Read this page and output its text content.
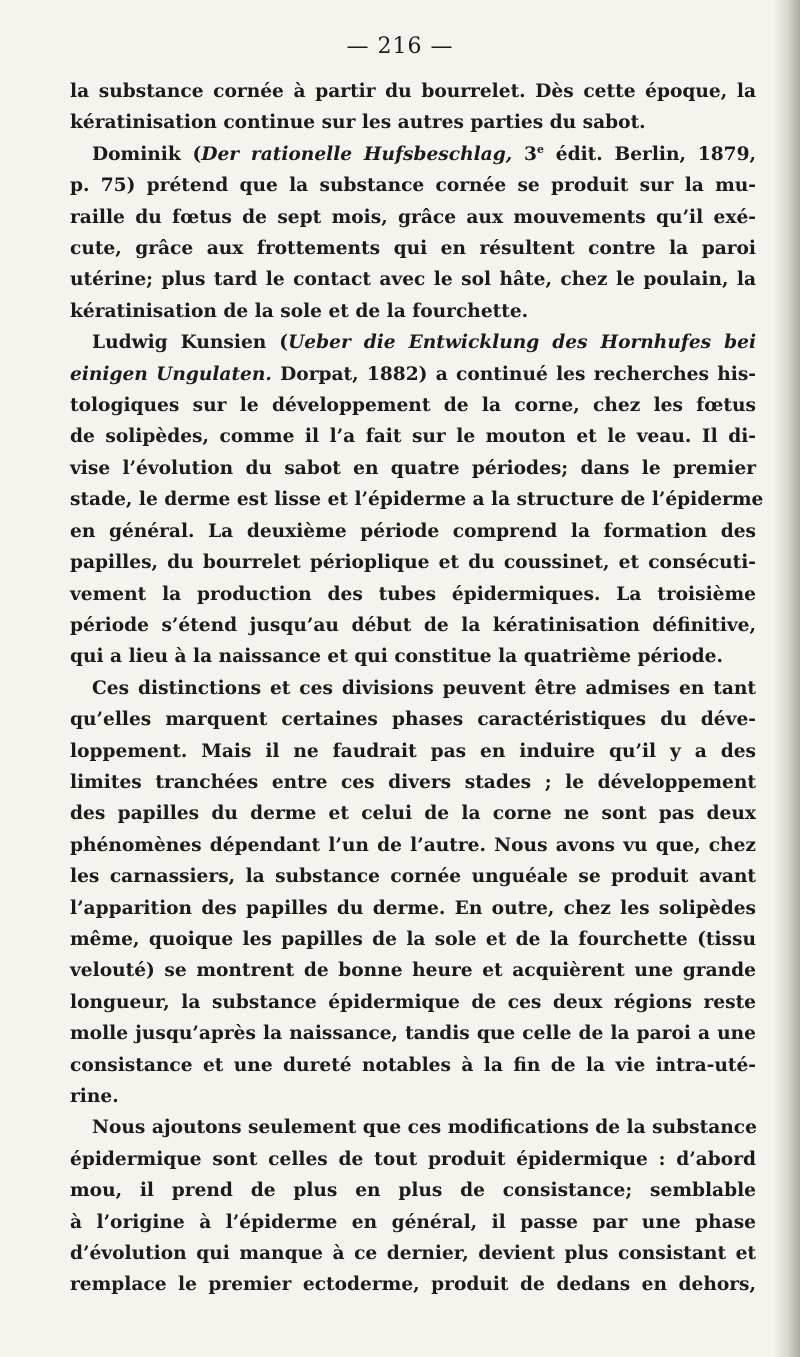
— 216 —
la substance cornée à partir du bourrelet. Dès cette époque, la
kératinisation continue sur les autres parties du sabot.
Dominik (Der rationelle Hufsbeschlag, 3e édit. Berlin, 1879,
p. 75) prétend que la substance cornée se produit sur la mu-
raille du fœtus de sept mois, grâce aux mouvements qu’il exé-
cute, grâce aux frottements qui en résultent contre la paroi
utérine; plus tard le contact avec le sol hâte, chez le poulain, la
kératinisation de la sole et de la fourchette.
Ludwig Kunsien (Ueber die Entwicklung des Hornhufes bei
einigen Ungulaten. Dorpat, 1882) a continué les recherches his-
tologiques sur le développement de la corne, chez les fœtus
de solipèdes, comme il l’a fait sur le mouton et le veau. Il di-
vise l’évolution du sabot en quatre périodes; dans le premier
stade, le derme est lisse et l’épiderme a la structure de l’épiderme
en général. La deuxième période comprend la formation des
papilles, du bourrelet périoplique et du coussinet, et consécuti-
vement la production des tubes épidermiques. La troisième
période s’étend jusqu’au début de la kératinisation définitive,
qui a lieu à la naissance et qui constitue la quatrième période.
Ces distinctions et ces divisions peuvent être admises en tant
qu’elles marquent certaines phases caractéristiques du déve-
loppement. Mais il ne faudrait pas en induire qu’il y a des
limites tranchées entre ces divers stades ; le développement
des papilles du derme et celui de la corne ne sont pas deux
phénomènes dépendant l’un de l’autre. Nous avons vu que, chez
les carnassiers, la substance cornée unguéale se produit avant
l’apparition des papilles du derme. En outre, chez les solipèdes
même, quoique les papilles de la sole et de la fourchette (tissu
velouté) se montrent de bonne heure et acquièrent une grande
longueur, la substance épidermique de ces deux régions reste
molle jusqu’après la naissance, tandis que celle de la paroi a une
consistance et une dureté notables à la fin de la vie intra-uté-
rine.
Nous ajoutons seulement que ces modifications de la substance
épidermique sont celles de tout produit épidermique : d’abord
mou, il prend de plus en plus de consistance; semblable
à l’origine à l’épiderme en général, il passe par une phase
d’évolution qui manque à ce dernier, devient plus consistant et
remplace le premier ectoderme, produit de dedans en dehors,
